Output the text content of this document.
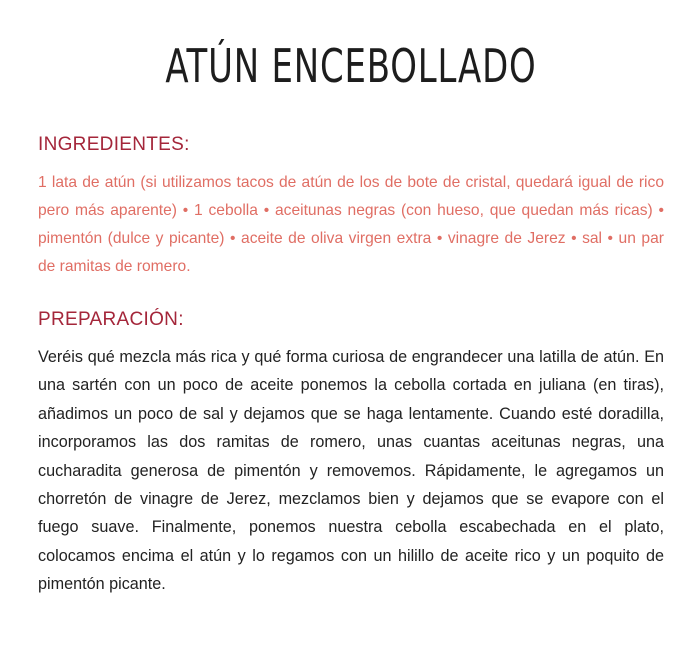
ATÚN ENCEBOLLADO
INGREDIENTES:

1 lata de atún (si utilizamos tacos de atún de los de bote de cristal, quedará igual de rico pero más aparente) • 1 cebolla • aceitunas negras (con hueso, que quedan más ricas) • pimentón (dulce y picante) • aceite de oliva virgen extra • vinagre de Jerez • sal • un par de ramitas de romero.

PREPARACIÓN:

Veréis qué mezcla más rica y qué forma curiosa de engrandecer una latilla de atún. En una sartén con un poco de aceite ponemos la cebolla cortada en juliana (en tiras), añadimos un poco de sal y dejamos que se haga lentamente. Cuando esté doradilla, incorporamos las dos ramitas de romero, unas cuantas aceitunas negras, una cucharadita generosa de pimentón y removemos. Rápidamente, le agregamos un chorretón de vinagre de Jerez, mezclamos bien y dejamos que se evapore con el fuego suave. Finalmente, ponemos nuestra cebolla escabechada en el plato, colocamos encima el atún y lo regamos con un hilillo de aceite rico y un poquito de pimentón picante.
